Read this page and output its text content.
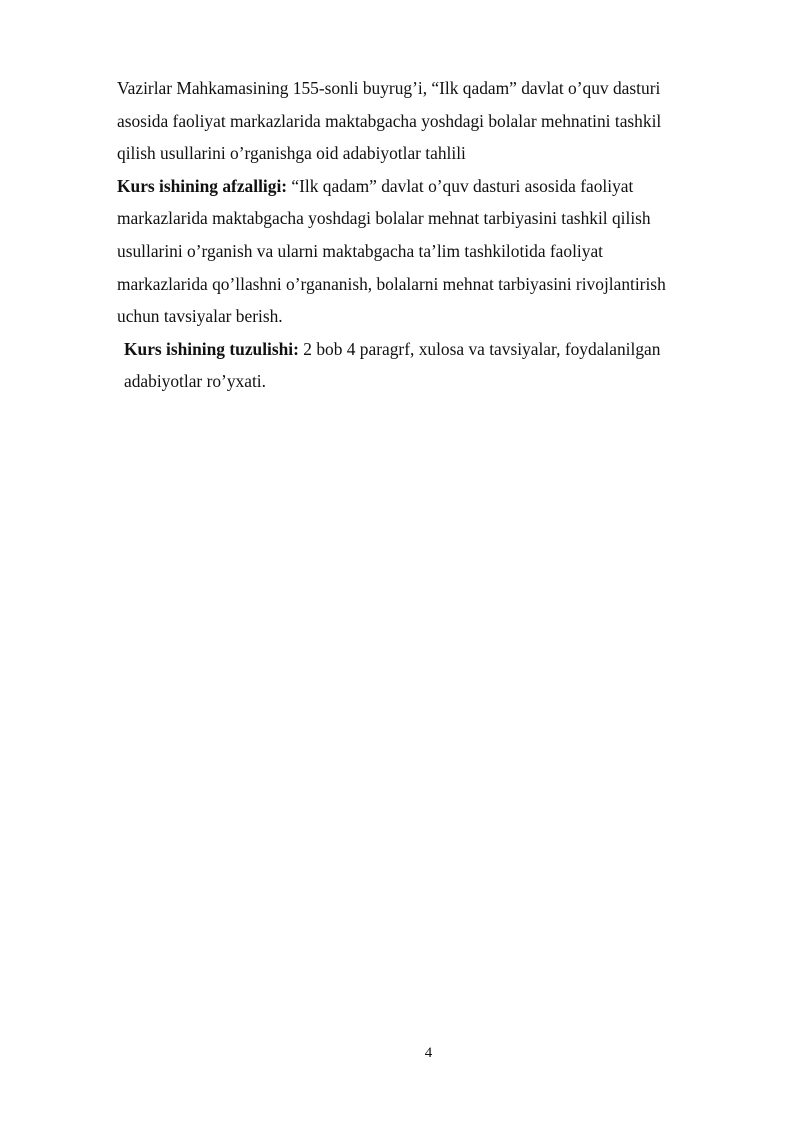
Vazirlar Mahkamasining 155-sonli buyrug’i, “Ilk qadam” davlat o’quv dasturi
asosida faoliyat markazlarida maktabgacha yoshdagi bolalar mehnatini tashkil
qilish usullarini o’rganishga oid adabiyotlar tahlili
Kurs ishining afzalligi: “Ilk qadam” davlat o’quv dasturi asosida faoliyat
markazlarida maktabgacha yoshdagi bolalar mehnat tarbiyasini tashkil qilish
usullarini o’rganish va ularni maktabgacha ta’lim tashkilotida faoliyat
markazlarida qo’llashni o’rgananish, bolalarni mehnat tarbiyasini rivojlantirish
uchun tavsiyalar berish.
Kurs ishining tuzulishi: 2 bob 4 paragrf, xulosa va tavsiyalar, foydalanilgan
adabiyotlar ro’yxati.
4
